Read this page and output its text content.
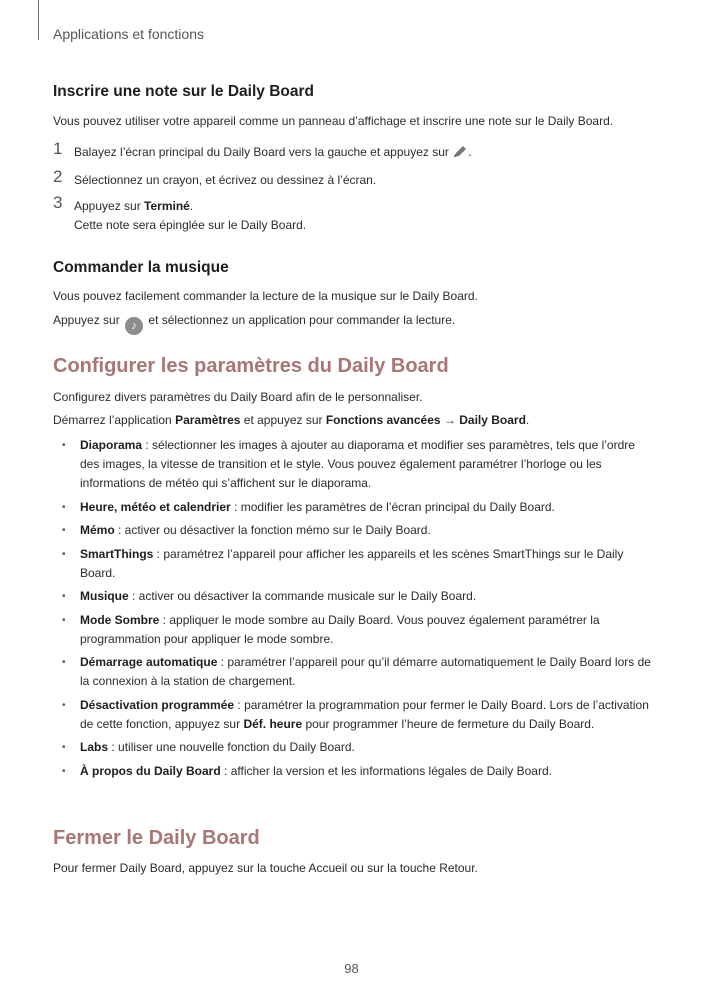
Applications et fonctions
Inscrire une note sur le Daily Board

Vous pouvez utiliser votre appareil comme un panneau d’affichage et inscrire une note sur le Daily Board.

1 Balayez l’écran principal du Daily Board vers la gauche et appuyez sur .
2 Sélectionnez un crayon, et écrivez ou dessinez à l’écran.
3 Appuyez sur Terminé.
Cette note sera épinglée sur le Daily Board.
Commander la musique

Vous pouvez facilement commander la lecture de la musique sur le Daily Board.

Appuyez sur ♪ et sélectionnez un application pour commander la lecture.

Configurer les paramètres du Daily Board

Configurez divers paramètres du Daily Board afin de le personnaliser.

Démarrez l’application Paramètres et appuyez sur Fonctions avancées → Daily Board.

• Diaporama : sélectionner les images à ajouter au diaporama et modifier ses paramètres, tels que l’ordre des images, la vitesse de transition et le style. Vous pouvez également paramétrer l’horloge ou les informations de météo qui s’affichent sur le diaporama.
• Heure, météo et calendrier : modifier les paramètres de l’écran principal du Daily Board.
• Mémo : activer ou désactiver la fonction mémo sur le Daily Board.
• SmartThings : paramétrez l’appareil pour afficher les appareils et les scènes SmartThings sur le Daily Board.
• Musique : activer ou désactiver la commande musicale sur le Daily Board.
• Mode Sombre : appliquer le mode sombre au Daily Board. Vous pouvez également paramétrer la programmation pour appliquer le mode sombre.
• Démarrage automatique : paramétrer l’appareil pour qu’il démarre automatiquement le Daily Board lors de la connexion à la station de chargement.
• Désactivation programmée : paramétrer la programmation pour fermer le Daily Board. Lors de l’activation de cette fonction, appuyez sur Déf. heure pour programmer l’heure de fermeture du Daily Board.
• Labs : utiliser une nouvelle fonction du Daily Board.
• À propos du Daily Board : afficher la version et les informations légales de Daily Board.
Fermer le Daily Board

Pour fermer Daily Board, appuyez sur la touche Accueil ou sur la touche Retour.

98
